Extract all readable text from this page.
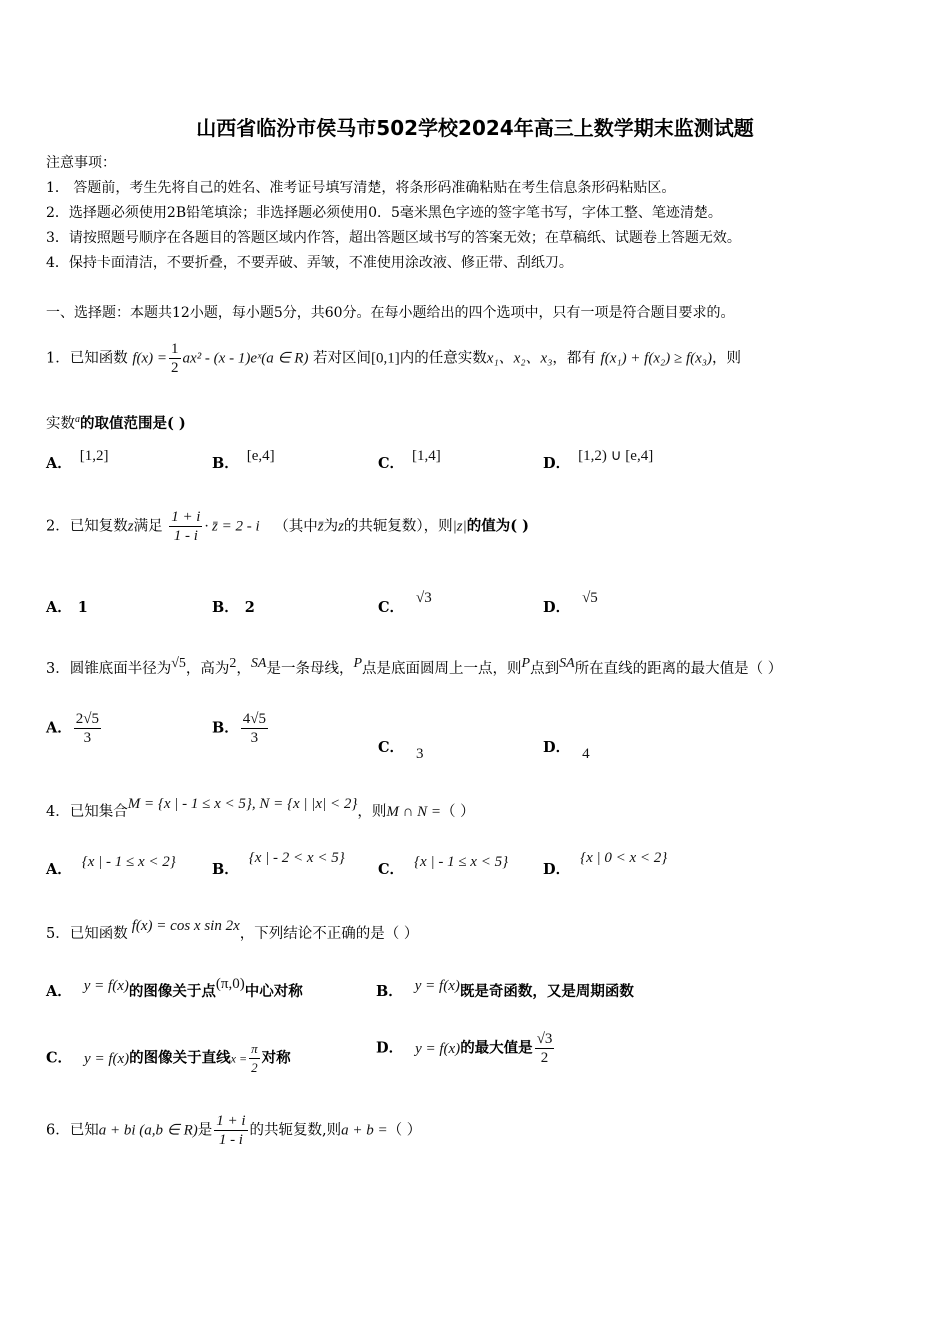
山西省临汾市侯马市502学校2024年高三上数学期末监测试题
注意事项：
1． 答题前，考生先将自己的姓名、准考证号填写清楚，将条形码准确粘贴在考生信息条形码粘贴区。
2．选择题必须使用2B铅笔填涂；非选择题必须使用0．5毫米黑色字迹的签字笔书写，字体工整、笔迹清楚。
3．请按照题号顺序在各题目的答题区域内作答，超出答题区域书写的答案无效；在草稿纸、试题卷上答题无效。
4．保持卡面清洁，不要折叠，不要弄破、弄皱，不准使用涂改液、修正带、刮纸刀。
一、选择题：本题共12小题，每小题5分，共60分。在每小题给出的四个选项中，只有一项是符合题目要求的。
1．已知函数 $f(x) = \frac{1}{2} ax^2 - (x$ - 1)eˣ(a ∈ R) 若对区间[0,1]内的任意实数x₁、x₂、x₃，都有 f(x₁) + f(x₂) ≥ f(x₃)，则
实数$^a$的取值范围是( )
A． [1,2]	B． [e,4]	C． [1,4]	D． [1,2) ∪ [e,4]
2．已知复数z满足 $\frac{1 + i}{1 - i}$ · z̄ = 2 - i （其中z̄为z的共轭复数），则|z|的值为( )
A． 1	B． 2	C．√3
D．√5
3．圆锥底面半径为√5，高为2，SA是一条母线，P点是底面圆周上一点，则P点到SA所在直线的距离的最大值是（ ）
A． $\frac{2√5}{3}$	B． $\frac{4√5}{3}$
C． 3	D． 4
4．已知集合M = {x | - 1 ≤ x < 5}, N = {x | |x| < 2}，则M ∩ N =（ ）
A． {x | - 1 ≤ x < 2} B．{x | - 2 < x < 5}
C． {x | - 1 ≤ x < 5} D．{x | 0 < x < 2}
5．已知函数 f(x) = cos x sin 2x，下列结论不正确的是（ ）
A． y = f(x)的图像关于点(π,0)中心对称	B． y = f(x)既是奇函数，又是周期函数
C． y = f(x)的图像关于直线$x = \frac{\pi}{2}$ 对称
D． y = f(x)的最大值是 $\frac{√3}{2}$
6．已知a + bi (a,b ∈ R)是 $\frac{1 + i}{1 - i}$ 的共轭复数,则a + b =（ ）
